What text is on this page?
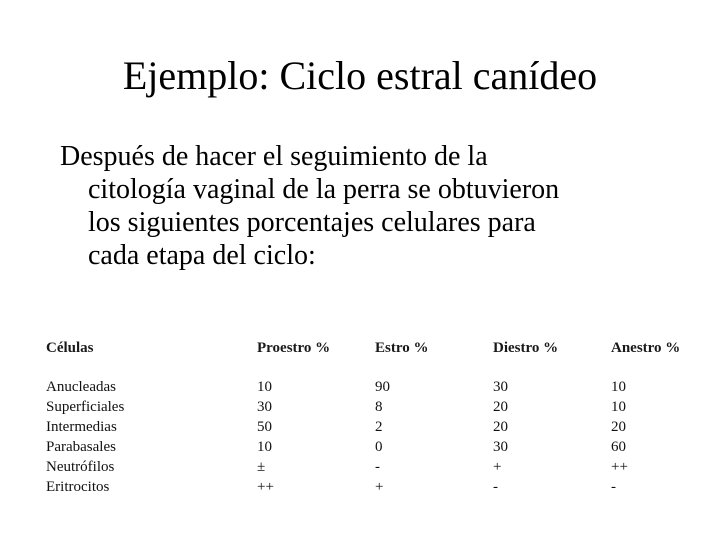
Ejemplo: Ciclo estral canídeo

Después de hacer el seguimiento de la
citología vaginal de la perra se obtuvieron
los siguientes porcentajes celulares para
cada etapa del ciclo:

Células	Proestro %	Estro %	Diestro %	Anestro %
Anucleadas	10	90	30	10
Superficiales	30	8	20	10
Intermedias	50	2	20	20
Parabasales	10	0	30	60
Neutrófilos	±	-	+	++
Eritrocitos	++	+	-	-
